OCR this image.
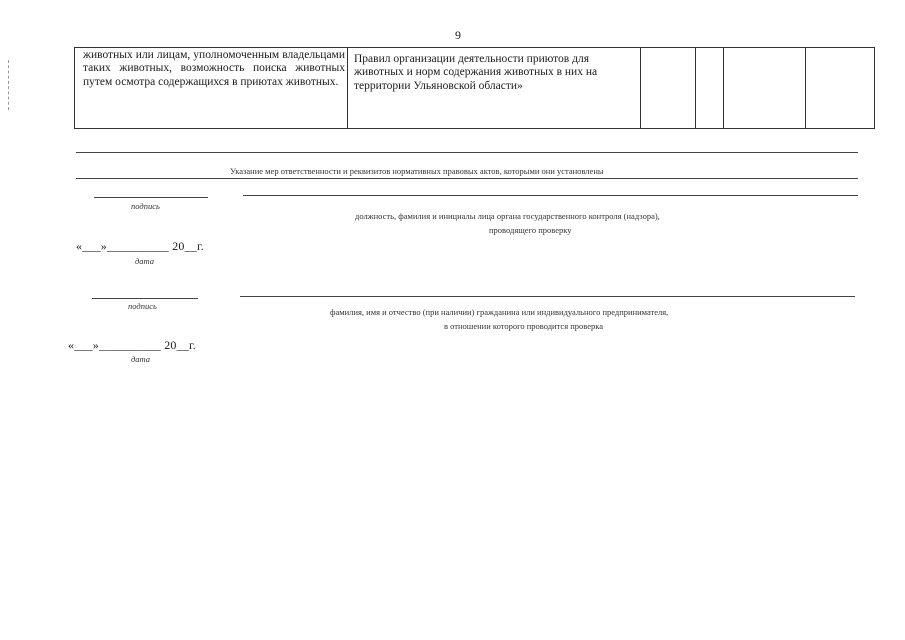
9
животных или лицам, уполномоченным владельцами таких животных, возможность поиска животных путем осмотра содержащихся в приютах животных.
Правил организации деятельности приютов для животных и норм содержания животных в них на территории Ульяновской области»
Указание мер ответственности и реквизитов нормативных правовых актов, которыми они установлены
подпись
должность, фамилия и инициалы лица органа государственного контроля (надзора),
проводящего проверку
«___»__________ 20__г.
дата
подпись
фамилия, имя и отчество (при наличии) гражданина или индивидуального предпринимателя,
в отношении которого проводится проверка
«___»__________ 20__г.
дата
